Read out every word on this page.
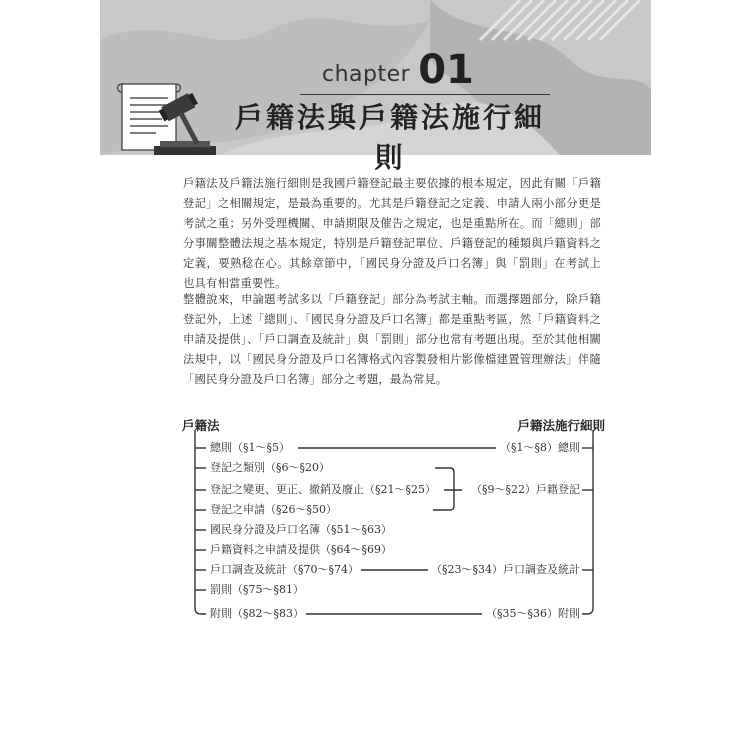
chapter 01
戶籍法與戶籍法施行細則
戶籍法及戶籍法施行細則是我國戶籍登記最主要依據的根本規定，因此有關「戶籍登記」之相關規定，是最為重要的。尤其是戶籍登記之定義、申請人兩小部分更是考試之重；另外受理機關、申請期限及催告之規定，也是重點所在。而「總則」部分事關整體法規之基本規定，特別是戶籍登記單位、戶籍登記的種類與戶籍資料之定義，要熟稔在心。其餘章節中，「國民身分證及戶口名簿」與「罰則」在考試上也具有相當重要性。
整體說來，申論題考試多以「戶籍登記」部分為考試主軸。而選擇題部分，除戶籍登記外，上述「總則」、「國民身分證及戶口名簿」都是重點考區，然「戶籍資料之申請及提供」、「戶口調查及統計」與「罰則」部分也常有考題出現。至於其他相關法規中，以「國民身分證及戶口名簿格式內容製發相片影像檔建置管理辦法」伴隨「國民身分證及戶口名簿」部分之考題，最為常見。
戶籍法	戶籍法施行細則
總則（§1～§5）
登記之類別（§6～§20）
登記之變更、更正、撤銷及廢止（§21～§25）
登記之申請（§26～§50）
國民身分證及戶口名簿（§51～§63）
戶籍資料之申請及提供（§64～§69）
戶口調查及統計（§70～§74）
罰則（§75～§81）
附則（§82～§83）
（§1～§8）總則
（§9～§22）戶籍登記
（§23～§34）戶口調查及統計
（§35～§36）附則
